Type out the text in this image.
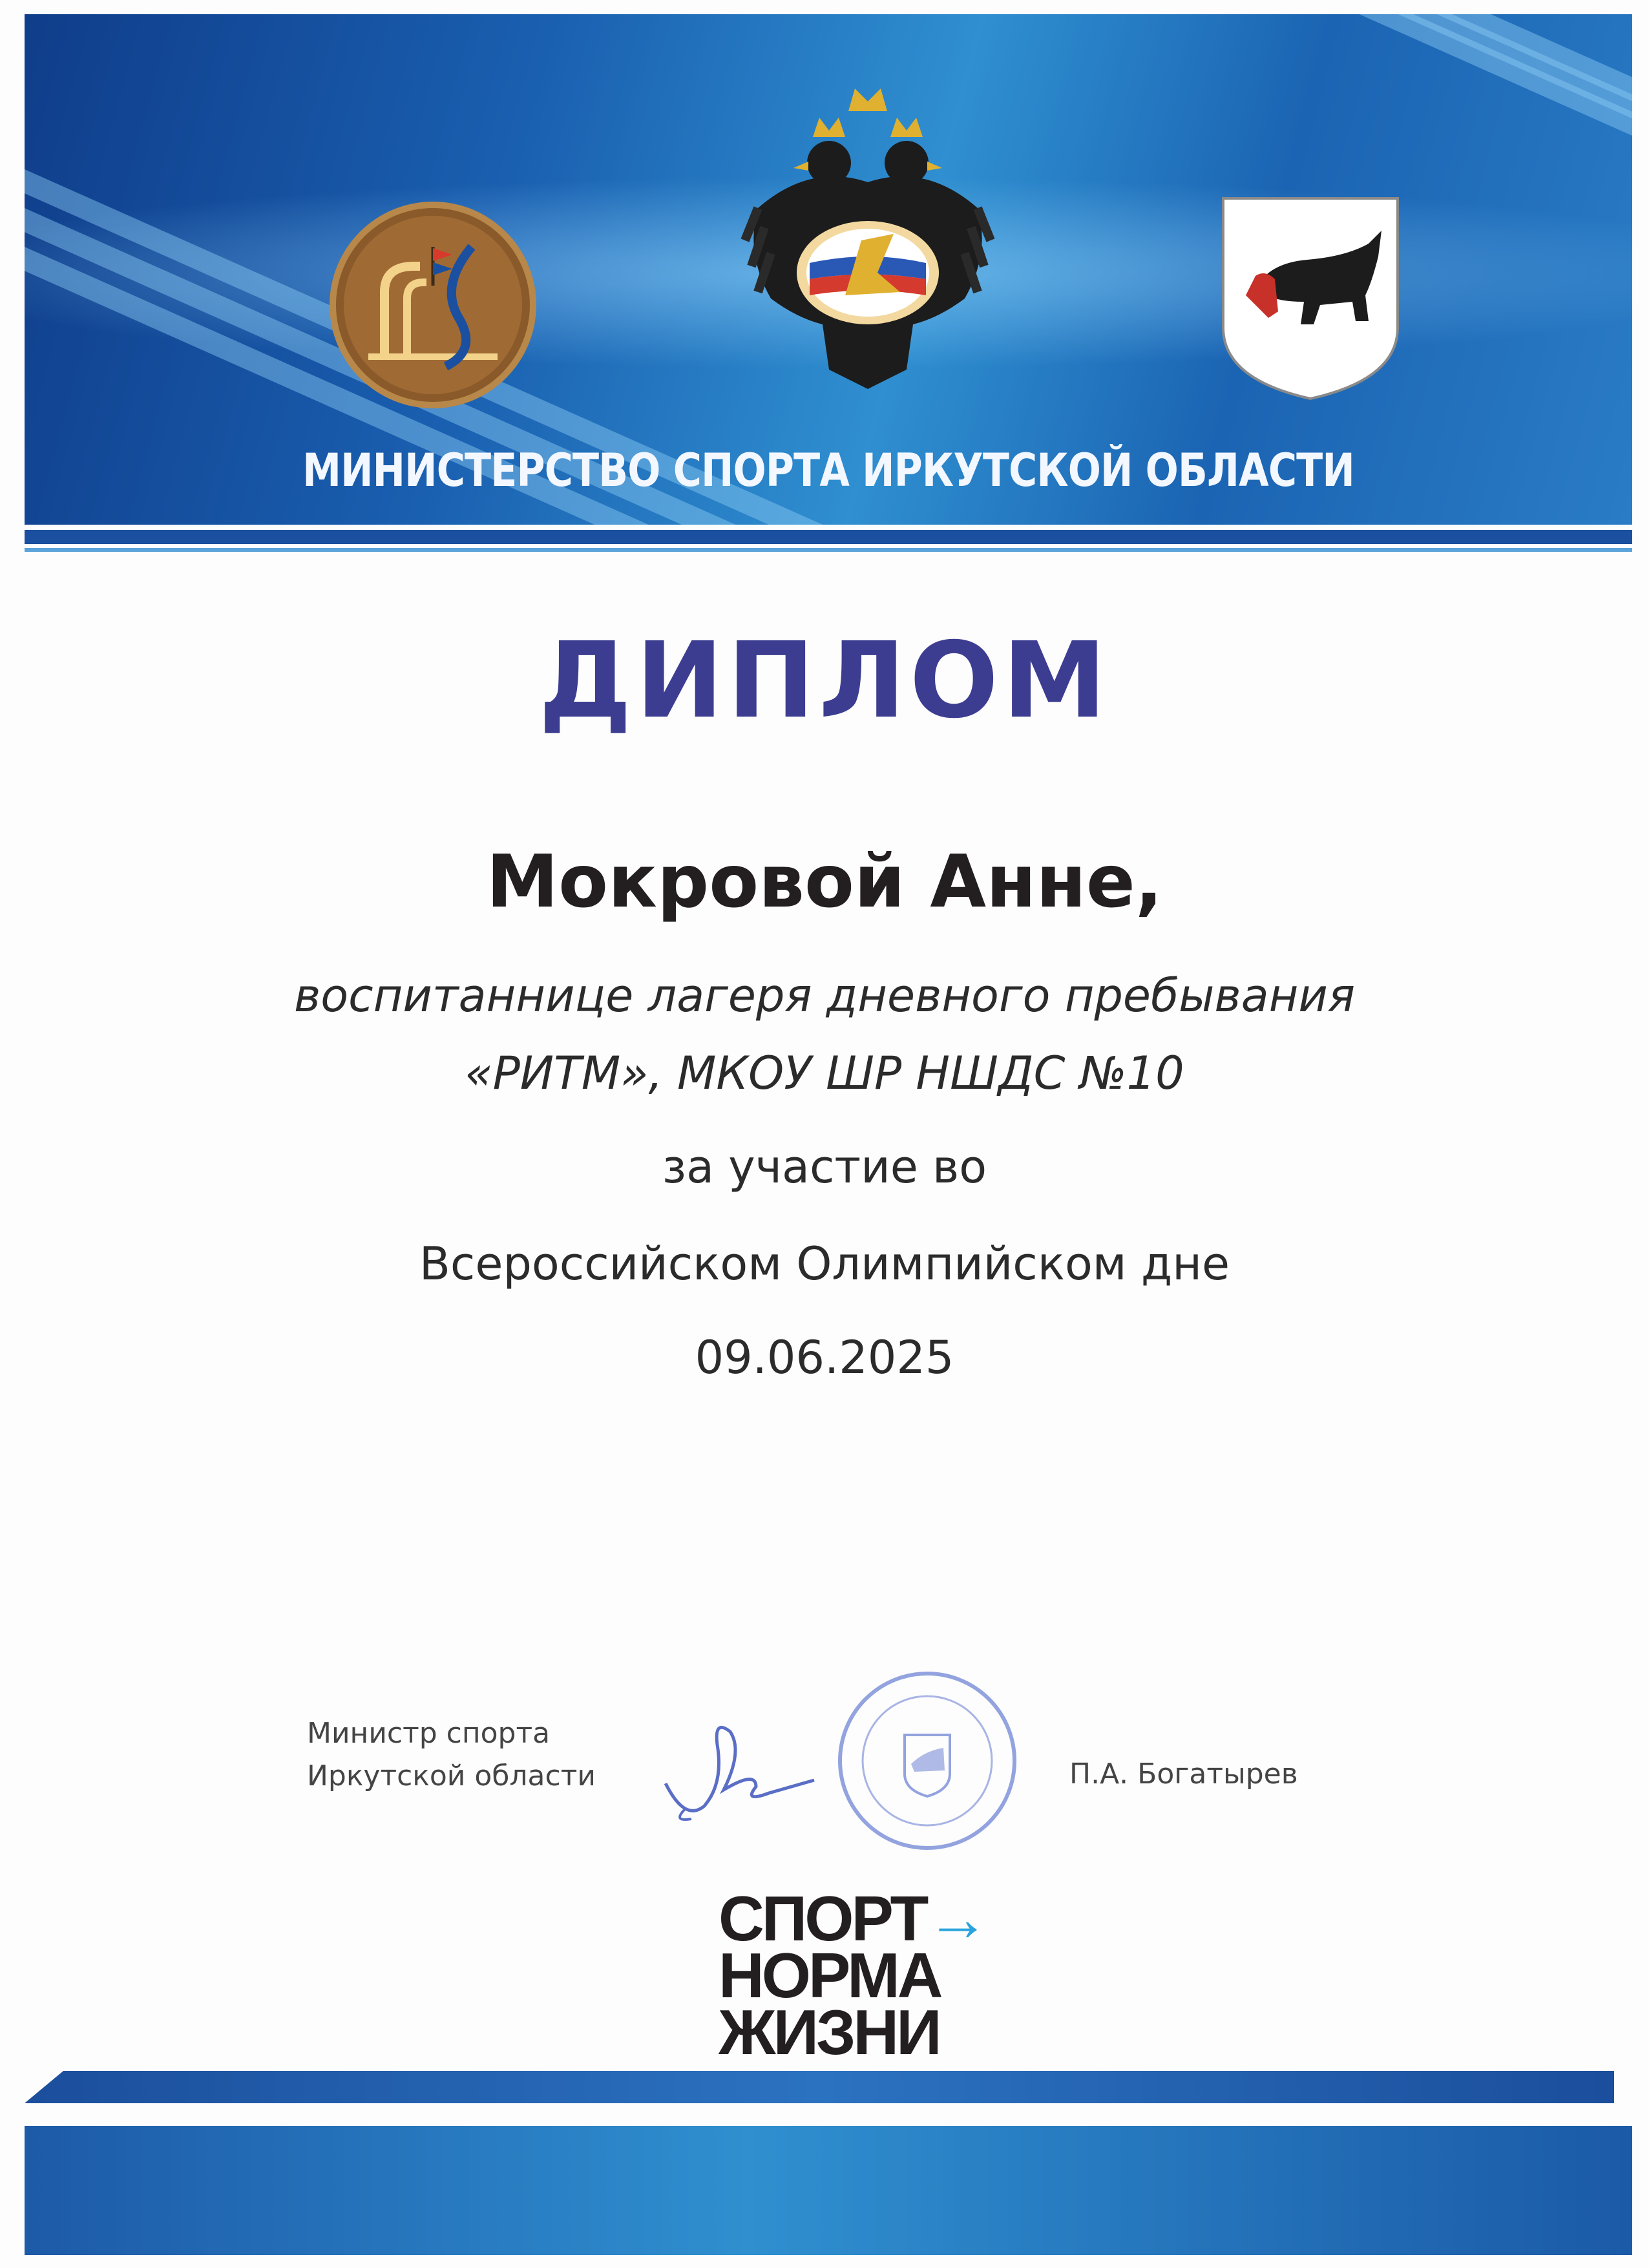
МИНИСТЕРСТВО СПОРТА ИРКУТСКОЙ ОБЛАСТИ
ДИПЛОМ
Мокровой Анне,
воспитаннице лагеря дневного пребывания
«РИТМ», МКОУ ШР НШДС №10
за участие во
Всероссийском Олимпийском дне
09.06.2025
Министр спорта
Иркутской области	П.А. Богатырев
СПОРТ→
НОРМА
ЖИЗНИ
